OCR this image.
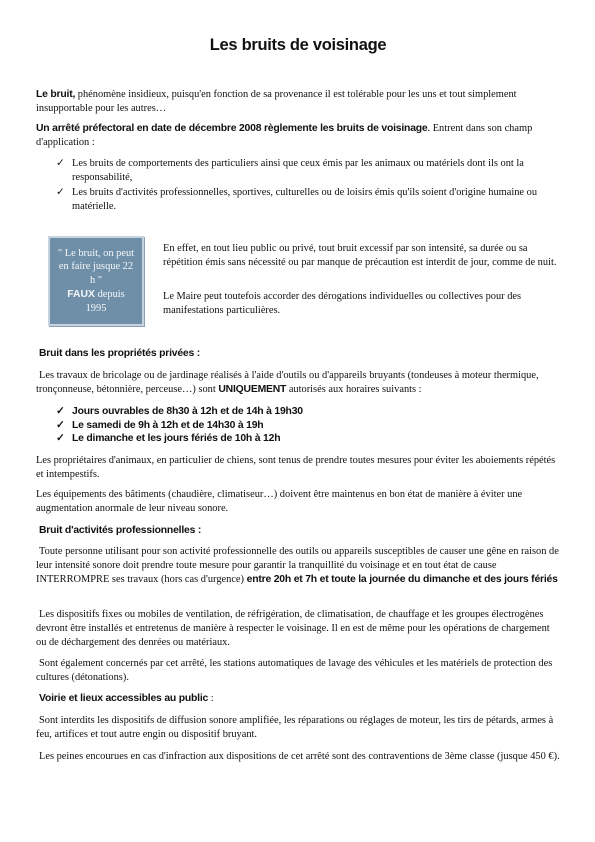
Les bruits de voisinage

Le bruit, phénomène insidieux, puisqu'en fonction de sa provenance il est tolérable pour les uns et tout simplement insupportable pour les autres…

Un arrêté préfectoral en date de décembre 2008 règlemente les bruits de voisinage. Entrent dans son champ d'application :

✓ Les bruits de comportements des particuliers ainsi que ceux émis par les animaux ou matériels dont ils ont la responsabilité,
✓ Les bruits d'activités professionnelles, sportives, culturelles ou de loisirs émis qu'ils soient d'origine humaine ou matérielle.
" Le bruit, on peut en faire jusque 22 h "
FAUX depuis 1995

En effet, en tout lieu public ou privé, tout bruit excessif par son intensité, sa durée ou sa répétition émis sans nécessité ou par manque de précaution est interdit de jour, comme de nuit.

Le Maire peut toutefois accorder des dérogations individuelles ou collectives pour des manifestations particulières.

Bruit dans les propriétés privées :

Les travaux de bricolage ou de jardinage réalisés à l'aide d'outils ou d'appareils bruyants (tondeuses à moteur thermique, tronçonneuse, bétonnière, perceuse…) sont UNIQUEMENT autorisés aux horaires suivants :

✓ Jours ouvrables de 8h30 à 12h et de 14h à 19h30
✓ Le samedi de 9h à 12h et de 14h30 à 19h
✓ Le dimanche et les jours fériés de 10h à 12h

Les propriétaires d'animaux, en particulier de chiens, sont tenus de prendre toutes mesures pour éviter les aboiements répétés et intempestifs.

Les équipements des bâtiments (chaudière, climatiseur…) doivent être maintenus en bon état de manière à éviter une augmentation anormale de leur niveau sonore.

Bruit d'activités professionnelles :

Toute personne utilisant pour son activité professionnelle des outils ou appareils susceptibles de causer une gêne en raison de leur intensité sonore doit prendre toute mesure pour garantir la tranquillité du voisinage et en tout état de cause INTERROMPRE ses travaux (hors cas d'urgence) entre 20h et 7h et toute la journée du dimanche et des jours fériés

Les dispositifs fixes ou mobiles de ventilation, de réfrigération, de climatisation, de chauffage et les groupes électrogènes devront être installés et entretenus de manière à respecter le voisinage. Il en est de même pour les opérations de chargement ou de déchargement des denrées ou matériaux.

Sont également concernés par cet arrêté, les stations automatiques de lavage des véhicules et les matériels de protection des cultures (détonations).

Voirie et lieux accessibles au public :

Sont interdits les dispositifs de diffusion sonore amplifiée, les réparations ou réglages de moteur, les tirs de pétards, armes à feu, artifices et tout autre engin ou dispositif bruyant.

Les peines encourues en cas d'infraction aux dispositions de cet arrêté sont des contraventions de 3ème classe (jusque 450 €).
